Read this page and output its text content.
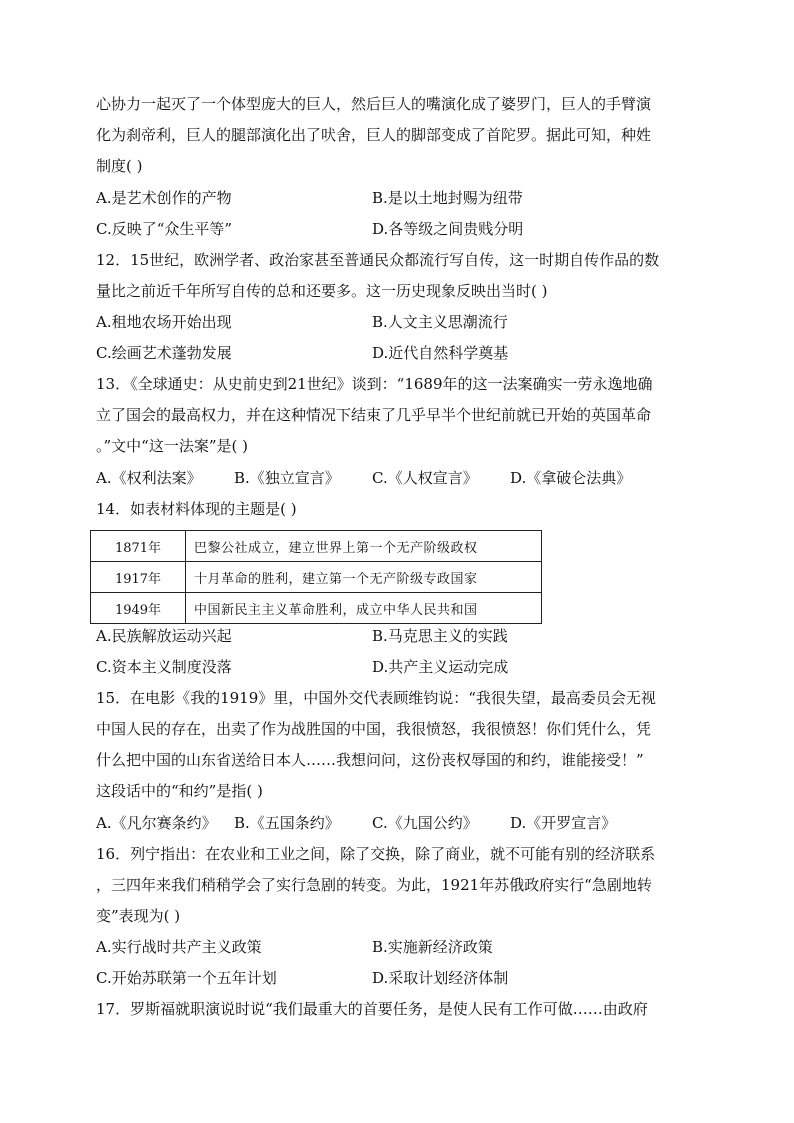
心协力一起灭了一个体型庞大的巨人，然后巨人的嘴演化成了婆罗门，巨人的手臂演
化为刹帝利，巨人的腿部演化出了吠舍，巨人的脚部变成了首陀罗。据此可知，种姓
制度( )
A.是艺术创作的产物	B.是以土地封赐为纽带
C.反映了“众生平等”	D.各等级之间贵贱分明
12．15世纪，欧洲学者、政治家甚至普通民众都流行写自传，这一时期自传作品的数
量比之前近千年所写自传的总和还要多。这一历史现象反映出当时( )
A.租地农场开始出现	B.人文主义思潮流行
C.绘画艺术蓬勃发展	D.近代自然科学奠基
13．《全球通史：从史前史到21世纪》谈到：“1689年的这一法案确实一劳永逸地确
立了国会的最高权力，并在这种情况下结束了几乎早半个世纪前就已开始的英国革命
。”文中“这一法案”是( )
A.《权利法案》 B.《独立宣言》 C.《人权宣言》 D.《拿破仑法典》
14．如表材料体现的主题是( )
1871年	巴黎公社成立，建立世界上第一个无产阶级政权
1917年	十月革命的胜利，建立第一个无产阶级专政国家
1949年	中国新民主主义革命胜利，成立中华人民共和国
A.民族解放运动兴起	B.马克思主义的实践
C.资本主义制度没落	D.共产主义运动完成
15．在电影《我的1919》里，中国外交代表顾维钧说：“我很失望，最高委员会无视
中国人民的存在，出卖了作为战胜国的中国，我很愤怒，我很愤怒！你们凭什么，凭
什么把中国的山东省送给日本人……我想问问，这份丧权辱国的和约，谁能接受！”
这段话中的“和约”是指( )
A.《凡尔赛条约》 B.《五国条约》 C.《九国公约》 D.《开罗宣言》
16．列宁指出：在农业和工业之间，除了交换，除了商业，就不可能有别的经济联系
，三四年来我们稍稍学会了实行急剧的转变。为此，1921年苏俄政府实行“急剧地转
变”表现为( )
A.实行战时共产主义政策	B.实施新经济政策
C.开始苏联第一个五年计划	D.采取计划经济体制
17．罗斯福就职演说时说“我们最重大的首要任务，是使人民有工作可做……由政府
